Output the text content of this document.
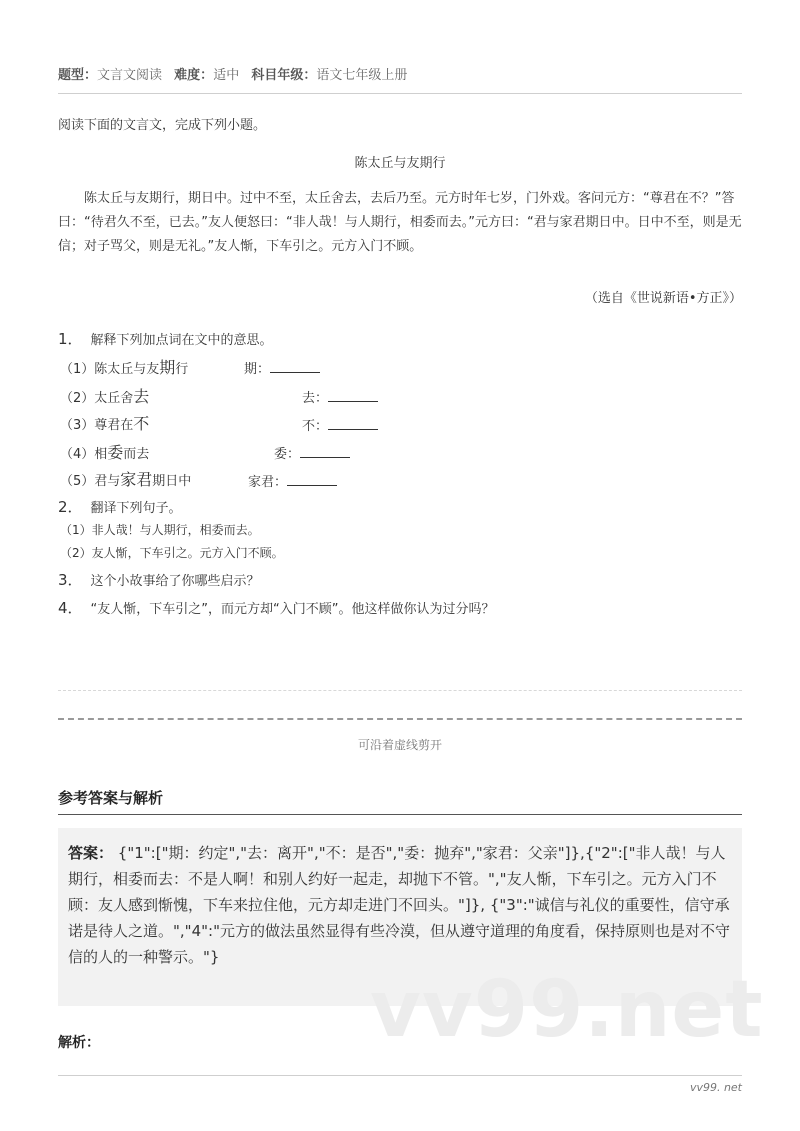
题型：文言文阅读 难度：适中 科目年级：语文七年级上册
阅读下面的文言文，完成下列小题。
陈太丘与友期行
陈太丘与友期行，期日中。过中不至，太丘舍去，去后乃至。元方时年七岁，门外戏。客问元方：“尊君在不？”答曰：“待君久不至，已去。”友人便怒曰：“非人哉！与人期行，相委而去。”元方曰：“君与家君期日中。日中不至，则是无信；对子骂父，则是无礼。”友人惭，下车引之。元方入门不顾。
（选自《世说新语•方正》）
1． 解释下列加点词在文中的意思。
（1）陈太丘与友期行	期：
（2）太丘舍去	去：
（3）尊君在不	不：
（4）相委而去	委：
（5）君与家君期日中	家君：
2． 翻译下列句子。
（1）非人哉！与人期行，相委而去。
（2）友人惭，下车引之。元方入门不顾。
3． 这个小故事给了你哪些启示？
4． “友人惭，下车引之”，而元方却“入门不顾”。他这样做你认为过分吗？
可沿着虚线剪开
参考答案与解析
答案： {"1":["期：约定","去：离开","不：是否","委：抛弃","家君：父亲"]},{"2":["非人哉！与人期行，相委而去：不是人啊！和别人约好一起走，却抛下不管。","友人惭，下车引之。元方入门不顾：友人感到惭愧，下车来拉住他，元方却走进门不回头。"]}, {"3":"诚信与礼仪的重要性，信守承诺是待人之道。","4":"元方的做法虽然显得有些冷漠，但从遵守道理的角度看，保持原则也是对不守信的人的一种警示。"}
vv99.net
解析：
vv99. net
